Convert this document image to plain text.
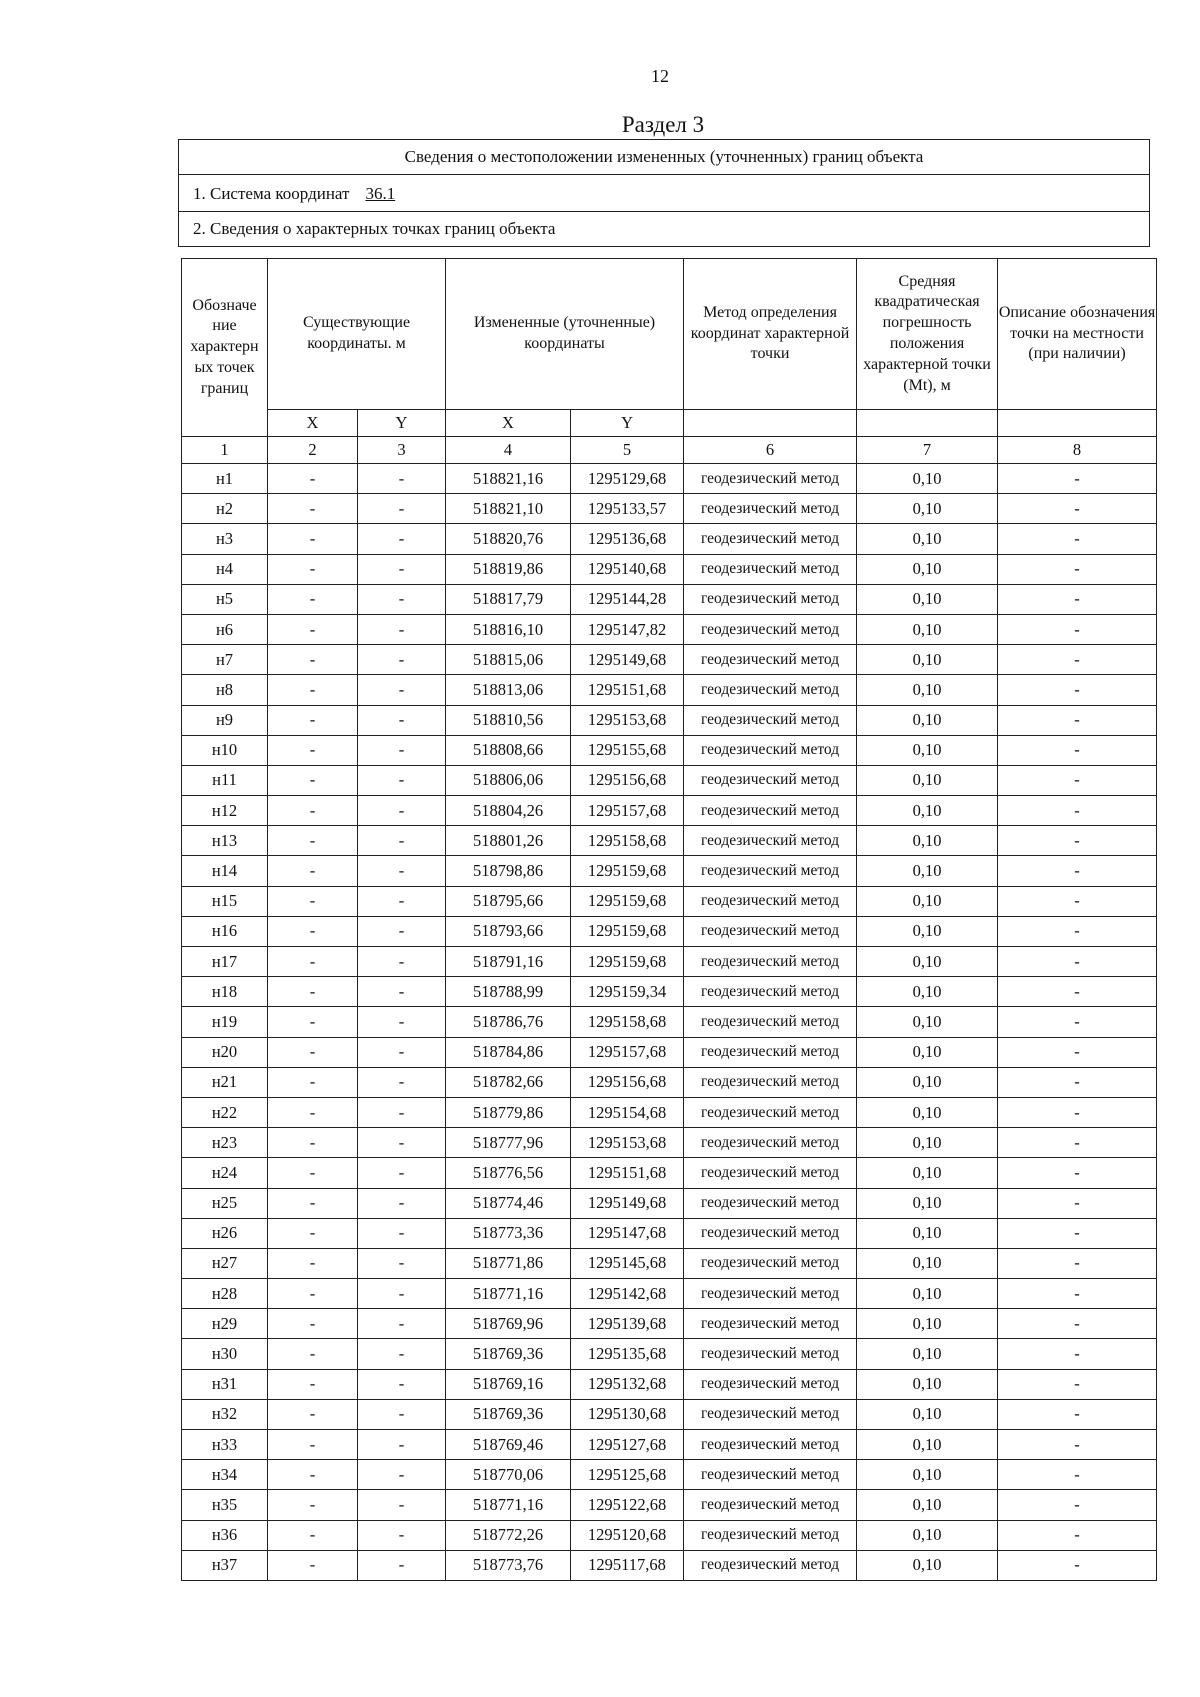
12
Раздел 3
Сведения о местоположении измененных (уточненных) границ объекта
1. Система координат 36.1
2. Сведения о характерных точках границ объекта
Обозначе ние характерн ых точек границ	Существующие координаты. м		Измененные (уточненные) координаты		Метод определения координат характерной точки	Средняя квадратическая погрешность положения характерной точки (Mt), м	Описание обозначения точки на местности (при наличии)
	X	Y	X	Y			
1	2	3	4	5	6	7	8
н1	-	-	518821,16	1295129,68	геодезический метод	0,10	-
н2	-	-	518821,10	1295133,57	геодезический метод	0,10	-
н3	-	-	518820,76	1295136,68	геодезический метод	0,10	-
н4	-	-	518819,86	1295140,68	геодезический метод	0,10	-
н5	-	-	518817,79	1295144,28	геодезический метод	0,10	-
н6	-	-	518816,10	1295147,82	геодезический метод	0,10	-
н7	-	-	518815,06	1295149,68	геодезический метод	0,10	-
н8	-	-	518813,06	1295151,68	геодезический метод	0,10	-
н9	-	-	518810,56	1295153,68	геодезический метод	0,10	-
н10	-	-	518808,66	1295155,68	геодезический метод	0,10	-
н11	-	-	518806,06	1295156,68	геодезический метод	0,10	-
н12	-	-	518804,26	1295157,68	геодезический метод	0,10	-
н13	-	-	518801,26	1295158,68	геодезический метод	0,10	-
н14	-	-	518798,86	1295159,68	геодезический метод	0,10	-
н15	-	-	518795,66	1295159,68	геодезический метод	0,10	-
н16	-	-	518793,66	1295159,68	геодезический метод	0,10	-
н17	-	-	518791,16	1295159,68	геодезический метод	0,10	-
н18	-	-	518788,99	1295159,34	геодезический метод	0,10	-
н19	-	-	518786,76	1295158,68	геодезический метод	0,10	-
н20	-	-	518784,86	1295157,68	геодезический метод	0,10	-
н21	-	-	518782,66	1295156,68	геодезический метод	0,10	-
н22	-	-	518779,86	1295154,68	геодезический метод	0,10	-
н23	-	-	518777,96	1295153,68	геодезический метод	0,10	-
н24	-	-	518776,56	1295151,68	геодезический метод	0,10	-
н25	-	-	518774,46	1295149,68	геодезический метод	0,10	-
н26	-	-	518773,36	1295147,68	геодезический метод	0,10	-
н27	-	-	518771,86	1295145,68	геодезический метод	0,10	-
н28	-	-	518771,16	1295142,68	геодезический метод	0,10	-
н29	-	-	518769,96	1295139,68	геодезический метод	0,10	-
н30	-	-	518769,36	1295135,68	геодезический метод	0,10	-
н31	-	-	518769,16	1295132,68	геодезический метод	0,10	-
н32	-	-	518769,36	1295130,68	геодезический метод	0,10	-
н33	-	-	518769,46	1295127,68	геодезический метод	0,10	-
н34	-	-	518770,06	1295125,68	геодезический метод	0,10	-
н35	-	-	518771,16	1295122,68	геодезический метод	0,10	-
н36	-	-	518772,26	1295120,68	геодезический метод	0,10	-
н37	-	-	518773,76	1295117,68	геодезический метод	0,10	-
